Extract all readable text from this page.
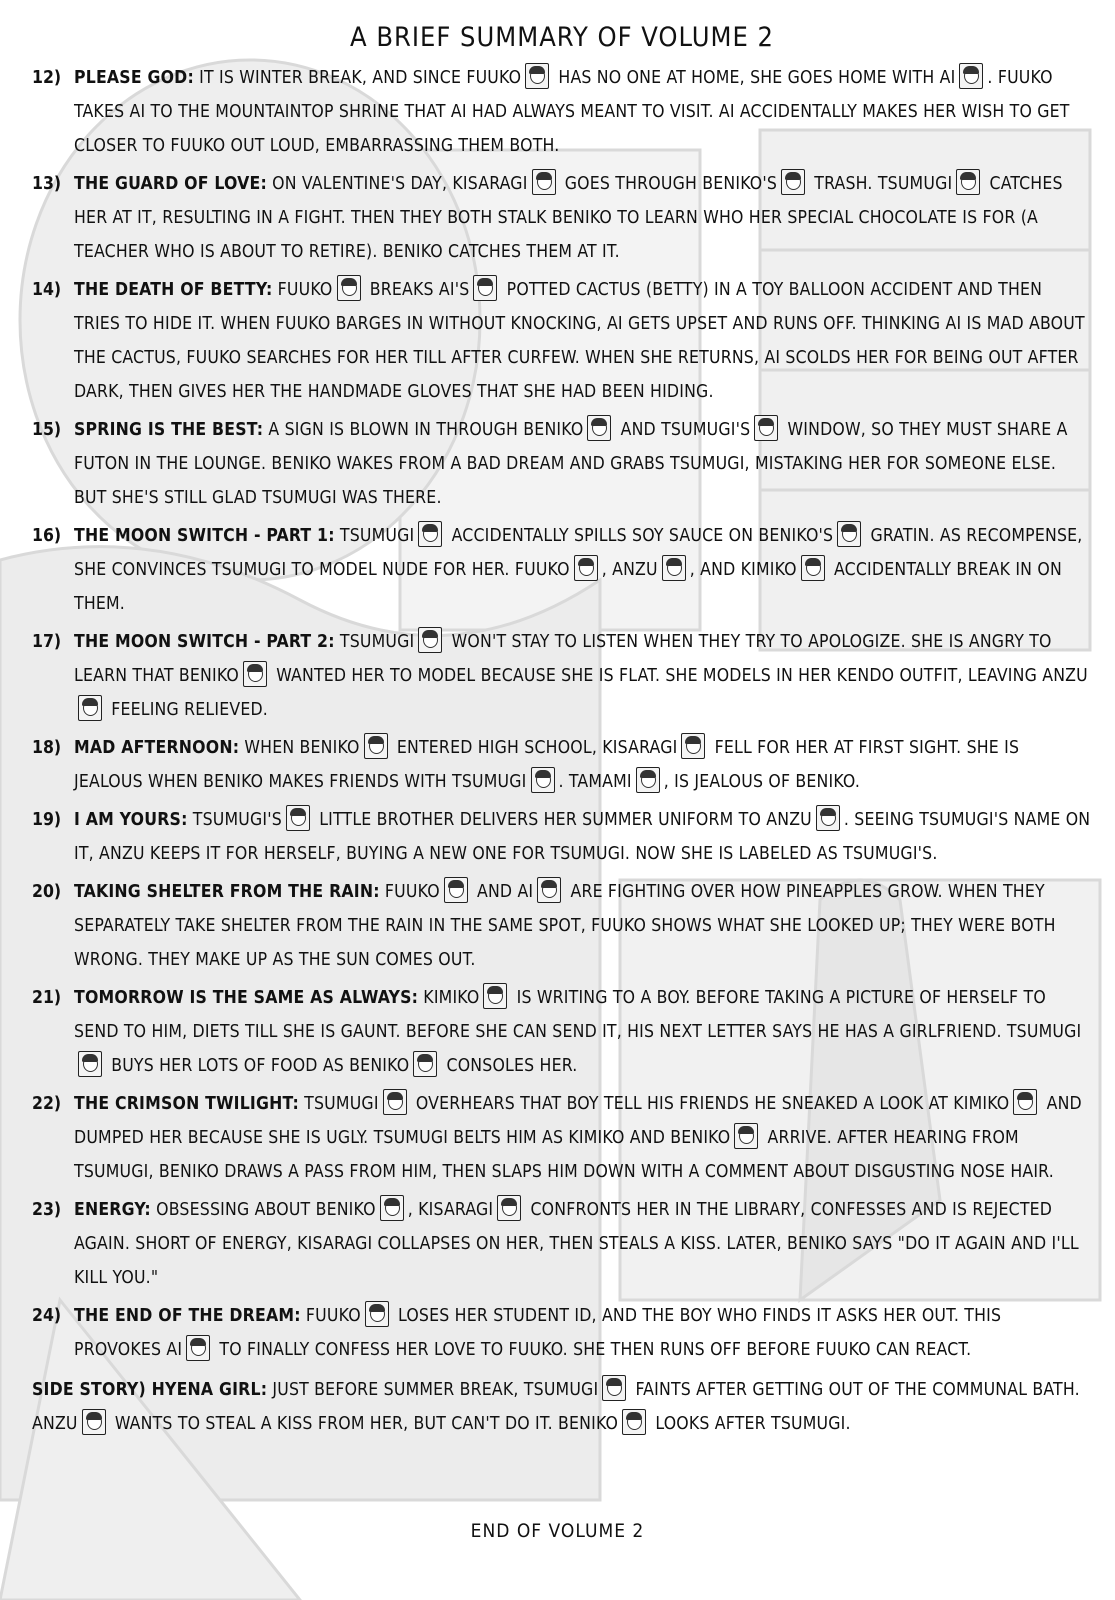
A BRIEF SUMMARY OF VOLUME 2
12) PLEASE GOD: IT IS WINTER BREAK, AND SINCE FUUKO HAS NO ONE AT HOME, SHE GOES HOME WITH AI . FUUKO TAKES AI TO THE MOUNTAINTOP SHRINE THAT AI HAD ALWAYS MEANT TO VISIT. AI ACCIDENTALLY MAKES HER WISH TO GET CLOSER TO FUUKO OUT LOUD, EMBARRASSING THEM BOTH.
13) THE GUARD OF LOVE: ON VALENTINE'S DAY, KISARAGI GOES THROUGH BENIKO'S TRASH. TSUMUGI CATCHES HER AT IT, RESULTING IN A FIGHT. THEN THEY BOTH STALK BENIKO TO LEARN WHO HER SPECIAL CHOCOLATE IS FOR (A TEACHER WHO IS ABOUT TO RETIRE). BENIKO CATCHES THEM AT IT.
14) THE DEATH OF BETTY: FUUKO BREAKS AI'S POTTED CACTUS (BETTY) IN A TOY BALLOON ACCIDENT AND THEN TRIES TO HIDE IT. WHEN FUUKO BARGES IN WITHOUT KNOCKING, AI GETS UPSET AND RUNS OFF. THINKING AI IS MAD ABOUT THE CACTUS, FUUKO SEARCHES FOR HER TILL AFTER CURFEW. WHEN SHE RETURNS, AI SCOLDS HER FOR BEING OUT AFTER DARK, THEN GIVES HER THE HANDMADE GLOVES THAT SHE HAD BEEN HIDING.
15) SPRING IS THE BEST: A SIGN IS BLOWN IN THROUGH BENIKO AND TSUMUGI'S WINDOW, SO THEY MUST SHARE A FUTON IN THE LOUNGE. BENIKO WAKES FROM A BAD DREAM AND GRABS TSUMUGI, MISTAKING HER FOR SOMEONE ELSE. BUT SHE'S STILL GLAD TSUMUGI WAS THERE.
16) THE MOON SWITCH - PART 1: TSUMUGI ACCIDENTALLY SPILLS SOY SAUCE ON BENIKO'S GRATIN. AS RECOMPENSE, SHE CONVINCES TSUMUGI TO MODEL NUDE FOR HER. FUUKO , ANZU , AND KIMIKO ACCIDENTALLY BREAK IN ON THEM.
17) THE MOON SWITCH - PART 2: TSUMUGI WON'T STAY TO LISTEN WHEN THEY TRY TO APOLOGIZE. SHE IS ANGRY TO LEARN THAT BENIKO WANTED HER TO MODEL BECAUSE SHE IS FLAT. SHE MODELS IN HER KENDO OUTFIT, LEAVING ANZU FEELING RELIEVED.
18) MAD AFTERNOON: WHEN BENIKO ENTERED HIGH SCHOOL, KISARAGI FELL FOR HER AT FIRST SIGHT. SHE IS JEALOUS WHEN BENIKO MAKES FRIENDS WITH TSUMUGI . TAMAMI , IS JEALOUS OF BENIKO.
19) I AM YOURS: TSUMUGI'S LITTLE BROTHER DELIVERS HER SUMMER UNIFORM TO ANZU . SEEING TSUMUGI'S NAME ON IT, ANZU KEEPS IT FOR HERSELF, BUYING A NEW ONE FOR TSUMUGI. NOW SHE IS LABELED AS TSUMUGI'S.
20) TAKING SHELTER FROM THE RAIN: FUUKO AND AI ARE FIGHTING OVER HOW PINEAPPLES GROW. WHEN THEY SEPARATELY TAKE SHELTER FROM THE RAIN IN THE SAME SPOT, FUUKO SHOWS WHAT SHE LOOKED UP; THEY WERE BOTH WRONG. THEY MAKE UP AS THE SUN COMES OUT.
21) TOMORROW IS THE SAME AS ALWAYS: KIMIKO IS WRITING TO A BOY. BEFORE TAKING A PICTURE OF HERSELF TO SEND TO HIM, DIETS TILL SHE IS GAUNT. BEFORE SHE CAN SEND IT, HIS NEXT LETTER SAYS HE HAS A GIRLFRIEND. TSUMUGI BUYS HER LOTS OF FOOD AS BENIKO CONSOLES HER.
22) THE CRIMSON TWILIGHT: TSUMUGI OVERHEARS THAT BOY TELL HIS FRIENDS HE SNEAKED A LOOK AT KIMIKO AND DUMPED HER BECAUSE SHE IS UGLY. TSUMUGI BELTS HIM AS KIMIKO AND BENIKO ARRIVE. AFTER HEARING FROM TSUMUGI, BENIKO DRAWS A PASS FROM HIM, THEN SLAPS HIM DOWN WITH A COMMENT ABOUT DISGUSTING NOSE HAIR.
23) ENERGY: OBSESSING ABOUT BENIKO , KISARAGI CONFRONTS HER IN THE LIBRARY, CONFESSES AND IS REJECTED AGAIN. SHORT OF ENERGY, KISARAGI COLLAPSES ON HER, THEN STEALS A KISS. LATER, BENIKO SAYS "DO IT AGAIN AND I'LL KILL YOU."
24) THE END OF THE DREAM: FUUKO LOSES HER STUDENT ID, AND THE BOY WHO FINDS IT ASKS HER OUT. THIS PROVOKES AI TO FINALLY CONFESS HER LOVE TO FUUKO. SHE THEN RUNS OFF BEFORE FUUKO CAN REACT.
SIDE STORY) HYENA GIRL: JUST BEFORE SUMMER BREAK, TSUMUGI FAINTS AFTER GETTING OUT OF THE COMMUNAL BATH. ANZU WANTS TO STEAL A KISS FROM HER, BUT CAN'T DO IT. BENIKO LOOKS AFTER TSUMUGI.
END OF VOLUME 2
